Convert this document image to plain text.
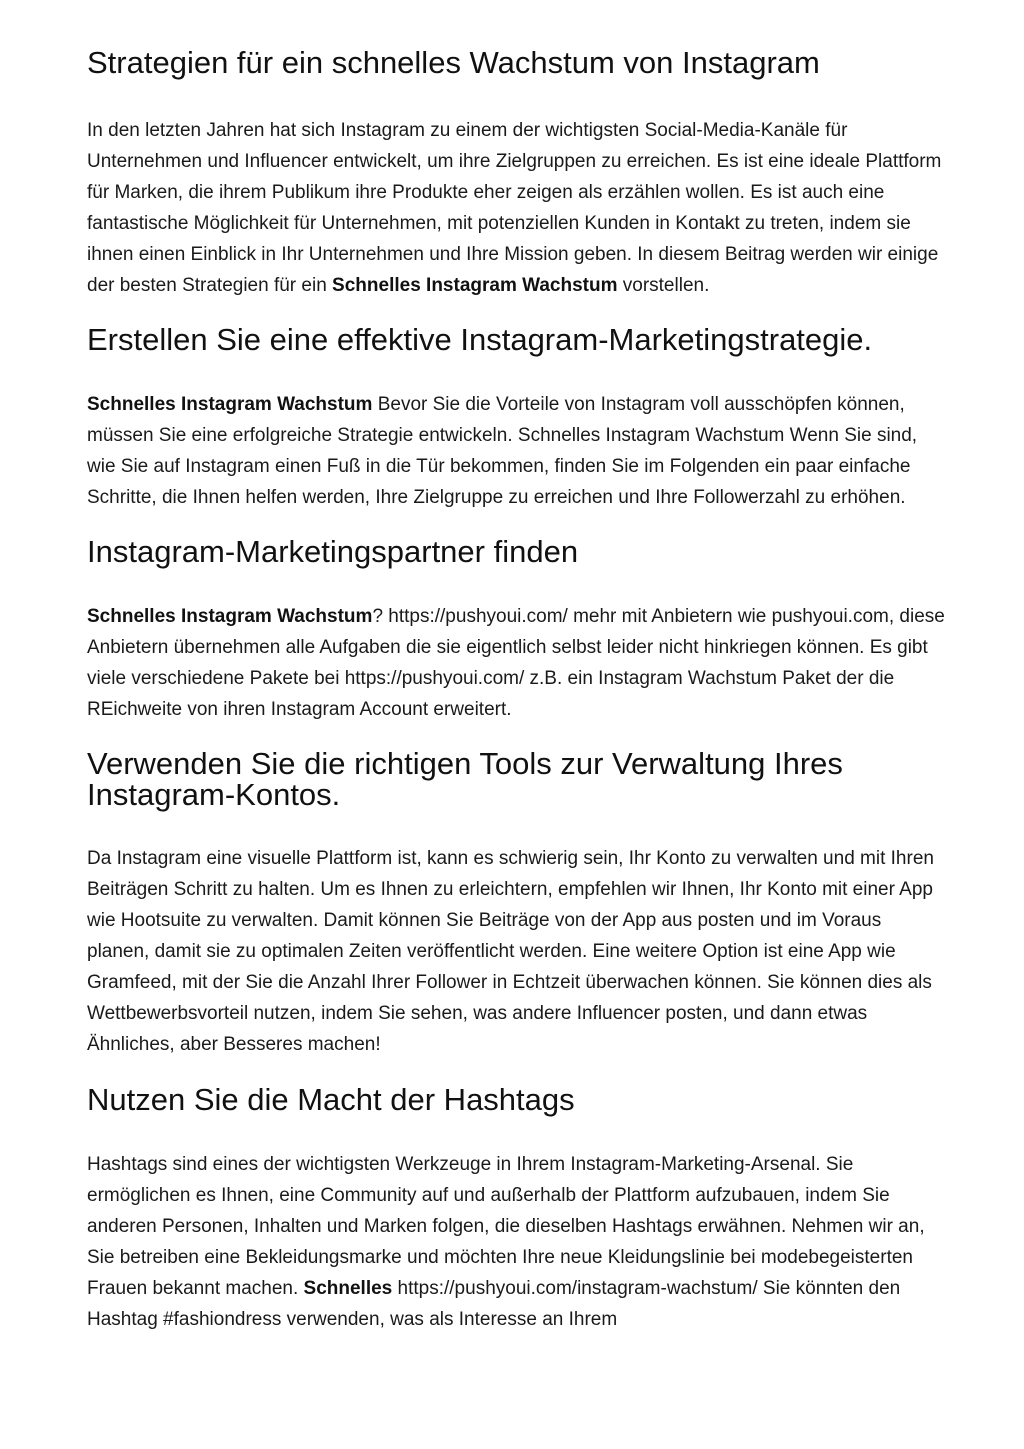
Strategien für ein schnelles Wachstum von Instagram

In den letzten Jahren hat sich Instagram zu einem der wichtigsten Social-Media-Kanäle für Unternehmen und Influencer entwickelt, um ihre Zielgruppen zu erreichen. Es ist eine ideale Plattform für Marken, die ihrem Publikum ihre Produkte eher zeigen als erzählen wollen. Es ist auch eine fantastische Möglichkeit für Unternehmen, mit potenziellen Kunden in Kontakt zu treten, indem sie ihnen einen Einblick in Ihr Unternehmen und Ihre Mission geben. In diesem Beitrag werden wir einige der besten Strategien für ein Schnelles Instagram Wachstum vorstellen.

Erstellen Sie eine effektive Instagram-Marketingstrategie.

Schnelles Instagram Wachstum Bevor Sie die Vorteile von Instagram voll ausschöpfen können, müssen Sie eine erfolgreiche Strategie entwickeln. Schnelles Instagram Wachstum Wenn Sie sind, wie Sie auf Instagram einen Fuß in die Tür bekommen, finden Sie im Folgenden ein paar einfache Schritte, die Ihnen helfen werden, Ihre Zielgruppe zu erreichen und Ihre Followerzahl zu erhöhen.

Instagram-Marketingspartner finden

Schnelles Instagram Wachstum? https://pushyoui.com/ mehr mit Anbietern wie pushyoui.com, diese Anbietern übernehmen alle Aufgaben die sie eigentlich selbst leider nicht hinkriegen können. Es gibt viele verschiedene Pakete bei https://pushyoui.com/ z.B. ein Instagram Wachstum Paket der die REichweite von ihren Instagram Account erweitert.

Verwenden Sie die richtigen Tools zur Verwaltung Ihres Instagram-Kontos.

Da Instagram eine visuelle Plattform ist, kann es schwierig sein, Ihr Konto zu verwalten und mit Ihren Beiträgen Schritt zu halten. Um es Ihnen zu erleichtern, empfehlen wir Ihnen, Ihr Konto mit einer App wie Hootsuite zu verwalten. Damit können Sie Beiträge von der App aus posten und im Voraus planen, damit sie zu optimalen Zeiten veröffentlicht werden. Eine weitere Option ist eine App wie Gramfeed, mit der Sie die Anzahl Ihrer Follower in Echtzeit überwachen können. Sie können dies als Wettbewerbsvorteil nutzen, indem Sie sehen, was andere Influencer posten, und dann etwas Ähnliches, aber Besseres machen!

Nutzen Sie die Macht der Hashtags

Hashtags sind eines der wichtigsten Werkzeuge in Ihrem Instagram-Marketing-Arsenal. Sie ermöglichen es Ihnen, eine Community auf und außerhalb der Plattform aufzubauen, indem Sie anderen Personen, Inhalten und Marken folgen, die dieselben Hashtags erwähnen. Nehmen wir an, Sie betreiben eine Bekleidungsmarke und möchten Ihre neue Kleidungslinie bei modebegeisterten Frauen bekannt machen. Schnelles https://pushyoui.com/instagram-wachstum/ Sie könnten den Hashtag #fashiondress verwenden, was als Interesse an Ihrem
